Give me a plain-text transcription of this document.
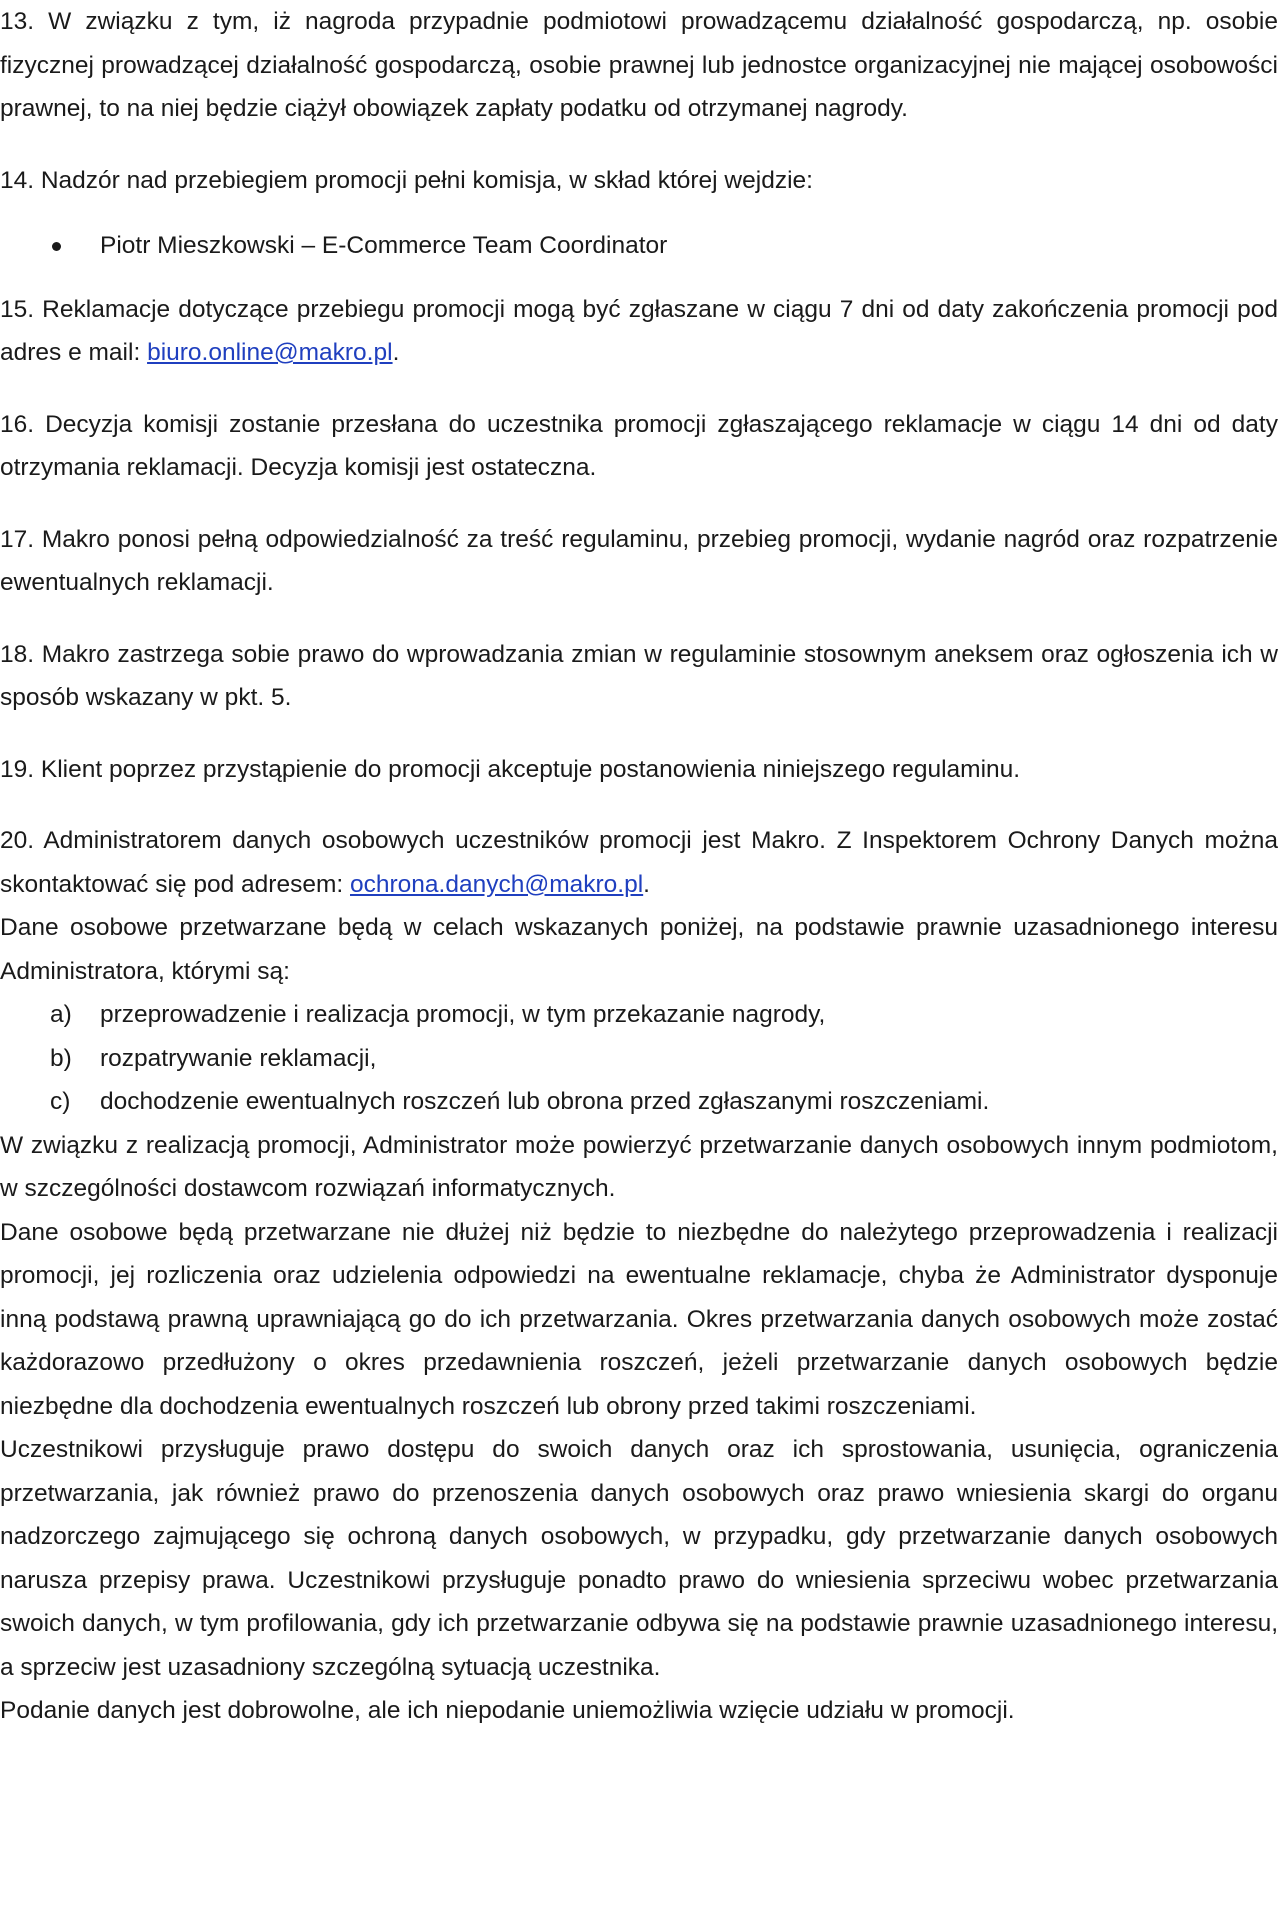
13. W związku z tym, iż nagroda przypadnie podmiotowi prowadzącemu działalność gospodarczą, np. osobie fizycznej prowadzącej działalność gospodarczą, osobie prawnej lub jednostce organizacyjnej nie mającej osobowości prawnej, to na niej będzie ciążył obowiązek zapłaty podatku od otrzymanej nagrody.

14. Nadzór nad przebiegiem promocji pełni komisja, w skład której wejdzie:

Piotr Mieszkowski – E-Commerce Team Coordinator

15. Reklamacje dotyczące przebiegu promocji mogą być zgłaszane w ciągu 7 dni od daty zakończenia promocji pod adres e mail: biuro.online@makro.pl.

16. Decyzja komisji zostanie przesłana do uczestnika promocji zgłaszającego reklamacje w ciągu 14 dni od daty otrzymania reklamacji. Decyzja komisji jest ostateczna.

17. Makro ponosi pełną odpowiedzialność za treść regulaminu, przebieg promocji, wydanie nagród oraz rozpatrzenie ewentualnych reklamacji.

18. Makro zastrzega sobie prawo do wprowadzania zmian w regulaminie stosownym aneksem oraz ogłoszenia ich w sposób wskazany w pkt. 5.

19. Klient poprzez przystąpienie do promocji akceptuje postanowienia niniejszego regulaminu.

20. Administratorem danych osobowych uczestników promocji jest Makro. Z Inspektorem Ochrony Danych można skontaktować się pod adresem: ochrona.danych@makro.pl.

Dane osobowe przetwarzane będą w celach wskazanych poniżej, na podstawie prawnie uzasadnionego interesu Administratora, którymi są:

a) przeprowadzenie i realizacja promocji, w tym przekazanie nagrody,
b) rozpatrywanie reklamacji,
c) dochodzenie ewentualnych roszczeń lub obrona przed zgłaszanymi roszczeniami.

W związku z realizacją promocji, Administrator może powierzyć przetwarzanie danych osobowych innym podmiotom, w szczególności dostawcom rozwiązań informatycznych.

Dane osobowe będą przetwarzane nie dłużej niż będzie to niezbędne do należytego przeprowadzenia i realizacji promocji, jej rozliczenia oraz udzielenia odpowiedzi na ewentualne reklamacje, chyba że Administrator dysponuje inną podstawą prawną uprawniającą go do ich przetwarzania. Okres przetwarzania danych osobowych może zostać każdorazowo przedłużony o okres przedawnienia roszczeń, jeżeli przetwarzanie danych osobowych będzie niezbędne dla dochodzenia ewentualnych roszczeń lub obrony przed takimi roszczeniami.

Uczestnikowi przysługuje prawo dostępu do swoich danych oraz ich sprostowania, usunięcia, ograniczenia przetwarzania, jak również prawo do przenoszenia danych osobowych oraz prawo wniesienia skargi do organu nadzorczego zajmującego się ochroną danych osobowych, w przypadku, gdy przetwarzanie danych osobowych narusza przepisy prawa. Uczestnikowi przysługuje ponadto prawo do wniesienia sprzeciwu wobec przetwarzania swoich danych, w tym profilowania, gdy ich przetwarzanie odbywa się na podstawie prawnie uzasadnionego interesu, a sprzeciw jest uzasadniony szczególną sytuacją uczestnika.

Podanie danych jest dobrowolne, ale ich niepodanie uniemożliwia wzięcie udziału w promocji.
